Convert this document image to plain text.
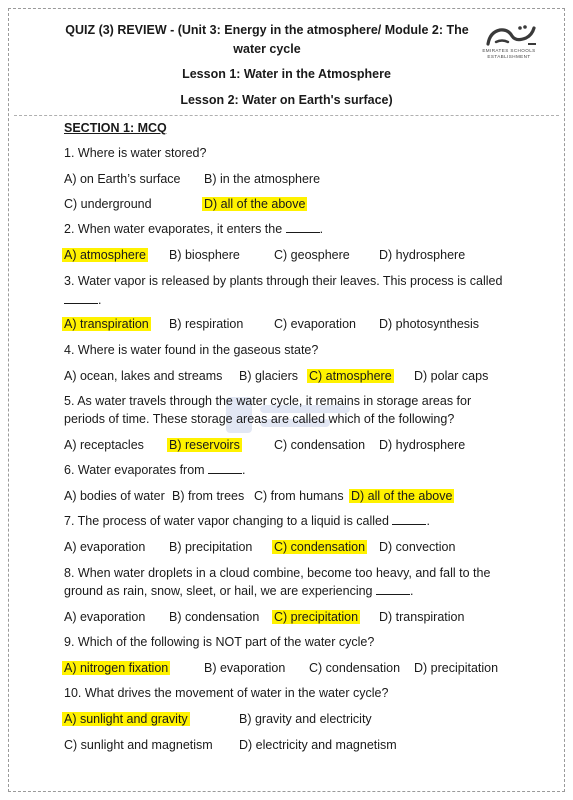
QUIZ (3) REVIEW - (Unit 3: Energy in the atmosphere/ Module 2: The
water cycle	EMIRATES SCHOOLS ESTABLISHMENT
Lesson 1: Water in the Atmosphere
Lesson 2: Water on Earth's surface)
SECTION 1: MCQ
1. Where is water stored?
A) on Earth’s surface B) in the atmosphere
C) underground	D) all of the above
2. When water evaporates, it enters the	.
A) atmosphere B) biosphere	C) geosphere D) hydrosphere
3. Water vapor is released by plants through their leaves. This process is called
.
A) transpiration B) respiration C) evaporation D) photosynthesis
4. Where is water found in the gaseous state?
A) ocean, lakes and streams B) glaciers C) atmosphere D) polar caps
5. As water travels through the water cycle, it remains in storage areas for
periods of time. These storage areas are called which of the following?
A) receptacles B) reservoirs	C) condensation D) hydrosphere
6. Water evaporates from	.
A) bodies of water B) from trees C) from humans D) all of the above
7. The process of water vapor changing to a liquid is called	.
A) evaporation B) precipitation C) condensation D) convection
8. When water droplets in a cloud combine, become too heavy, and fall to the
ground as rain, snow, sleet, or hail, we are experiencing	.
A) evaporation B) condensation C) precipitation D) transpiration
9. Which of the following is NOT part of the water cycle?
A) nitrogen fixation	B) evaporation C) condensation D) precipitation
10. What drives the movement of water in the water cycle?
A) sunlight and gravity	B) gravity and electricity
C) sunlight and magnetism D) electricity and magnetism
